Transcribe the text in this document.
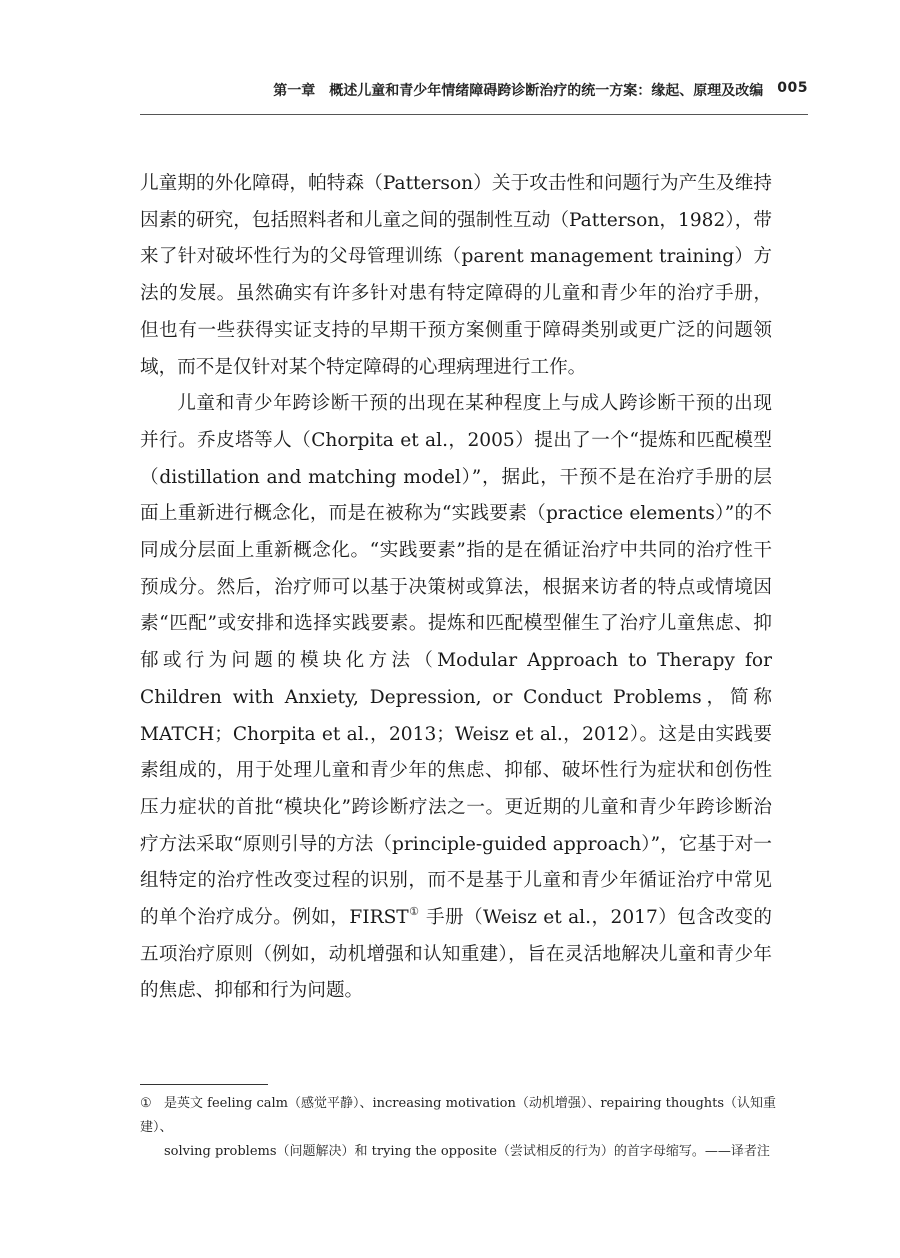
第一章　概述儿童和青少年情绪障碍跨诊断治疗的统一方案：缘起、原理及改编 005

儿童期的外化障碍，帕特森（Patterson）关于攻击性和问题行为产生及维持因素的研究，包括照料者和儿童之间的强制性互动（Patterson，1982），带来了针对破坏性行为的父母管理训练（parent management training）方法的发展。虽然确实有许多针对患有特定障碍的儿童和青少年的治疗手册，但也有一些获得实证支持的早期干预方案侧重于障碍类别或更广泛的问题领域，而不是仅针对某个特定障碍的心理病理进行工作。

儿童和青少年跨诊断干预的出现在某种程度上与成人跨诊断干预的出现并行。乔皮塔等人（Chorpita et al.，2005）提出了一个“提炼和匹配模型（distillation and matching model）”，据此，干预不是在治疗手册的层面上重新进行概念化，而是在被称为“实践要素（practice elements）”的不同成分层面上重新概念化。“实践要素”指的是在循证治疗中共同的治疗性干预成分。然后，治疗师可以基于决策树或算法，根据来访者的特点或情境因素“匹配”或安排和选择实践要素。提炼和匹配模型催生了治疗儿童焦虑、抑郁或行为问题的模块化方法（Modular Approach to Therapy for Children with Anxiety, Depression, or Conduct Problems，简称 MATCH；Chorpita et al.，2013；Weisz et al.，2012）。这是由实践要素组成的，用于处理儿童和青少年的焦虑、抑郁、破坏性行为症状和创伤性压力症状的首批“模块化”跨诊断疗法之一。更近期的儿童和青少年跨诊断治疗方法采取“原则引导的方法（principle-guided approach）”，它基于对一组特定的治疗性改变过程的识别，而不是基于儿童和青少年循证治疗中常见的单个治疗成分。例如，FIRST① 手册（Weisz et al.，2017）包含改变的五项治疗原则（例如，动机增强和认知重建），旨在灵活地解决儿童和青少年的焦虑、抑郁和行为问题。

① 是英文 feeling calm（感觉平静）、increasing motivation（动机增强）、repairing thoughts（认知重建）、
solving problems（问题解决）和 trying the opposite（尝试相反的行为）的首字母缩写。——译者注
